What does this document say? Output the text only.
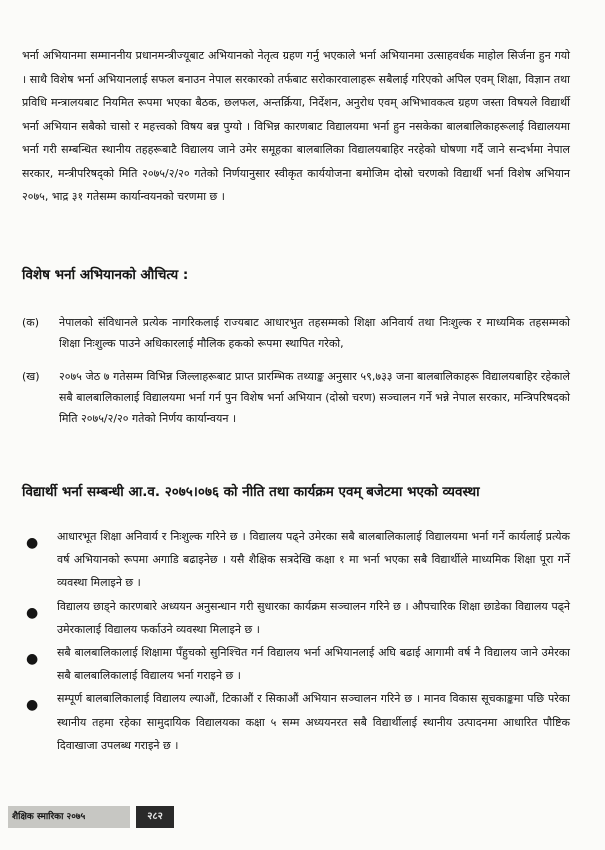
भर्ना अभियानमा सम्माननीय प्रधानमन्त्रीज्यूबाट अभियानको नेतृत्व ग्रहण गर्नु भएकाले भर्ना अभियानमा उत्साहवर्धक माहोल सिर्जना हुन गयो । साथै विशेष भर्ना अभियानलाई सफल बनाउन नेपाल सरकारको तर्फबाट सरोकारवालाहरू सबैलाई गरिएको अपिल एवम् शिक्षा, विज्ञान तथा प्रविधि मन्त्रालयबाट नियमित रूपमा भएका बैठक, छलफल, अन्तर्क्रिया, निर्देशन, अनुरोध एवम् अभिभावकत्व ग्रहण जस्ता विषयले विद्यार्थी भर्ना अभियान सबैको चासो र महत्त्वको विषय बन्न पुग्यो । विभिन्न कारणबाट विद्यालयमा भर्ना हुन नसकेका बालबालिकाहरूलाई विद्यालयमा भर्ना गरी सम्बन्धित स्थानीय तहहरूबाटै विद्यालय जाने उमेर समूहका बालबालिका विद्यालयबाहिर नरहेको घोषणा गर्दै जाने सन्दर्भमा नेपाल सरकार, मन्त्रीपरिषद्को मिति २०७५/२/२० गतेको निर्णयानुसार स्वीकृत कार्ययोजना बमोजिम दोस्रो चरणको विद्यार्थी भर्ना विशेष अभियान २०७५, भाद्र ३१ गतेसम्म कार्यान्वयनको चरणमा छ ।

विशेष भर्ना अभियानको औचित्य :
(क) नेपालको संविधानले प्रत्येक नागरिकलाई राज्यबाट आधारभुत तहसम्मको शिक्षा अनिवार्य तथा निःशुल्क र माध्यमिक तहसम्मको शिक्षा निःशुल्क पाउने अधिकारलाई मौलिक हकको रूपमा स्थापित गरेको,
(ख) २०७५ जेठ ७ गतेसम्म विभिन्न जिल्लाहरूबाट प्राप्त प्रारम्भिक तथ्याङ्क अनुसार ५९,७३३ जना बालबालिकाहरू विद्यालयबाहिर रहेकाले सबै बालबालिकालाई विद्यालयमा भर्ना गर्न पुन विशेष भर्ना अभियान (दोस्रो चरण) सञ्चालन गर्ने भन्ने नेपाल सरकार, मन्त्रिपरिषदको मिति २०७५/२/२० गतेको निर्णय कार्यान्वयन ।
विद्यार्थी भर्ना सम्बन्धी आ.व. २०७५।०७६ को नीति तथा कार्यक्रम एवम् बजेटमा भएको व्यवस्था
● आधारभूत शिक्षा अनिवार्य र निःशुल्क गरिने छ । विद्यालय पढ्ने उमेरका सबै बालबालिकालाई विद्यालयमा भर्ना गर्ने कार्यलाई प्रत्येक वर्ष अभियानको रूपमा अगाडि बढाइनेछ । यसै शैक्षिक सत्रदेखि कक्षा १ मा भर्ना भएका सबै विद्यार्थीले माध्यमिक शिक्षा पूरा गर्ने व्यवस्था मिलाइने छ ।
● विद्यालय छाड्ने कारणबारे अध्ययन अनुसन्धान गरी सुधारका कार्यक्रम सञ्चालन गरिने छ । औपचारिक शिक्षा छाडेका विद्यालय पढ्ने उमेरकालाई विद्यालय फर्काउने व्यवस्था मिलाइने छ ।
● सबै बालबालिकालाई शिक्षामा पँहुचको सुनिश्चित गर्न विद्यालय भर्ना अभियानलाई अघि बढाई आगामी वर्ष नै विद्यालय जाने उमेरका सबै बालबालिकालाई विद्यालय भर्ना गराइने छ ।
● सम्पूर्ण बालबालिकालाई विद्यालय ल्याऔं, टिकाऔं र सिकाऔं अभियान सञ्चालन गरिने छ । मानव विकास सूचकाङ्कमा पछि परेका स्थानीय तहमा रहेका सामुदायिक विद्यालयका कक्षा ५ सम्म अध्ययनरत सबै विद्यार्थीलाई स्थानीय उत्पादनमा आधारित पौष्टिक दिवाखाजा उपलब्ध गराइने छ ।
शैक्षिक स्मारिका २०७५	२८२
